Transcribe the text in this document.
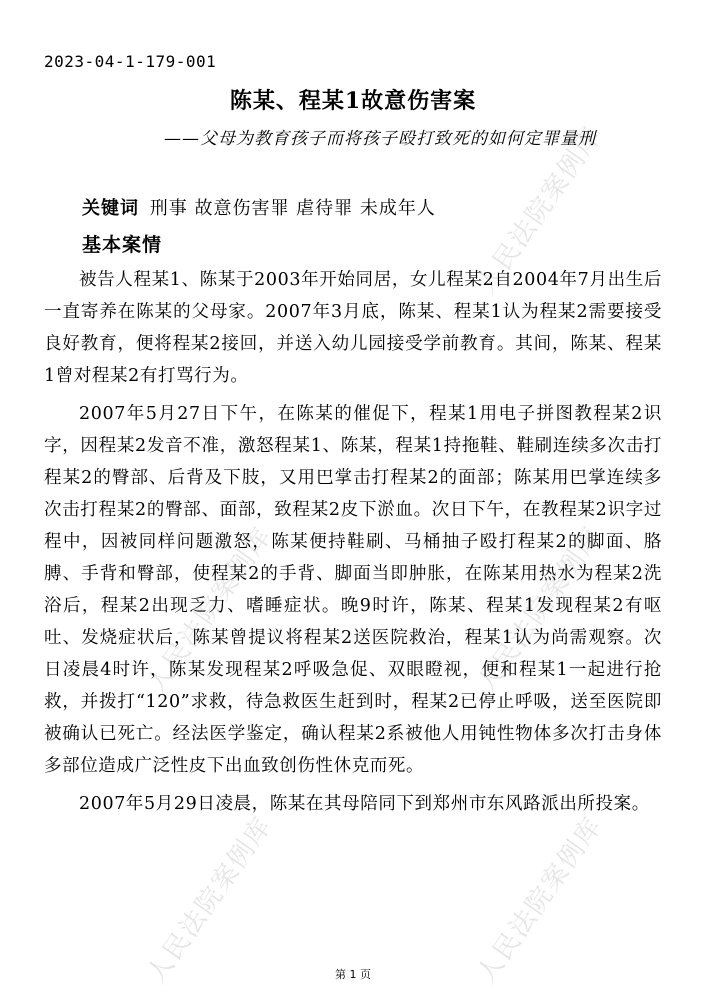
人民法院案例库
人民法院案例库	人民法院案例库
人民法院案例库	人民法院案例库
2023-04-1-179-001
陈某、程某1故意伤害案
——父母为教育孩子而将孩子殴打致死的如何定罪量刑
关键词 刑事 故意伤害罪 虐待罪 未成年人
基本案情

被告人程某1、陈某于2003年开始同居，女儿程某2自2004年7月出生后一直寄养在陈某的父母家。2007年3月底，陈某、程某1认为程某2需要接受良好教育，便将程某2接回，并送入幼儿园接受学前教育。其间，陈某、程某1曾对程某2有打骂行为。

2007年5月27日下午，在陈某的催促下，程某1用电子拼图教程某2识字，因程某2发音不准，激怒程某1、陈某，程某1持拖鞋、鞋刷连续多次击打程某2的臀部、后背及下肢，又用巴掌击打程某2的面部；陈某用巴掌连续多次击打程某2的臀部、面部，致程某2皮下淤血。次日下午，在教程某2识字过程中，因被同样问题激怒，陈某便持鞋刷、马桶抽子殴打程某2的脚面、胳膊、手背和臀部，使程某2的手背、脚面当即肿胀，在陈某用热水为程某2洗浴后，程某2出现乏力、嗜睡症状。晚9时许，陈某、程某1发现程某2有呕吐、发烧症状后，陈某曾提议将程某2送医院救治，程某1认为尚需观察。次日凌晨4时许，陈某发现程某2呼吸急促、双眼瞪视，便和程某1一起进行抢救，并拨打“120”求救，待急救医生赶到时，程某2已停止呼吸，送至医院即被确认已死亡。经法医学鉴定，确认程某2系被他人用钝性物体多次打击身体多部位造成广泛性皮下出血致创伤性休克而死。

2007年5月29日凌晨，陈某在其母陪同下到郑州市东风路派出所投案。

第 1 页
